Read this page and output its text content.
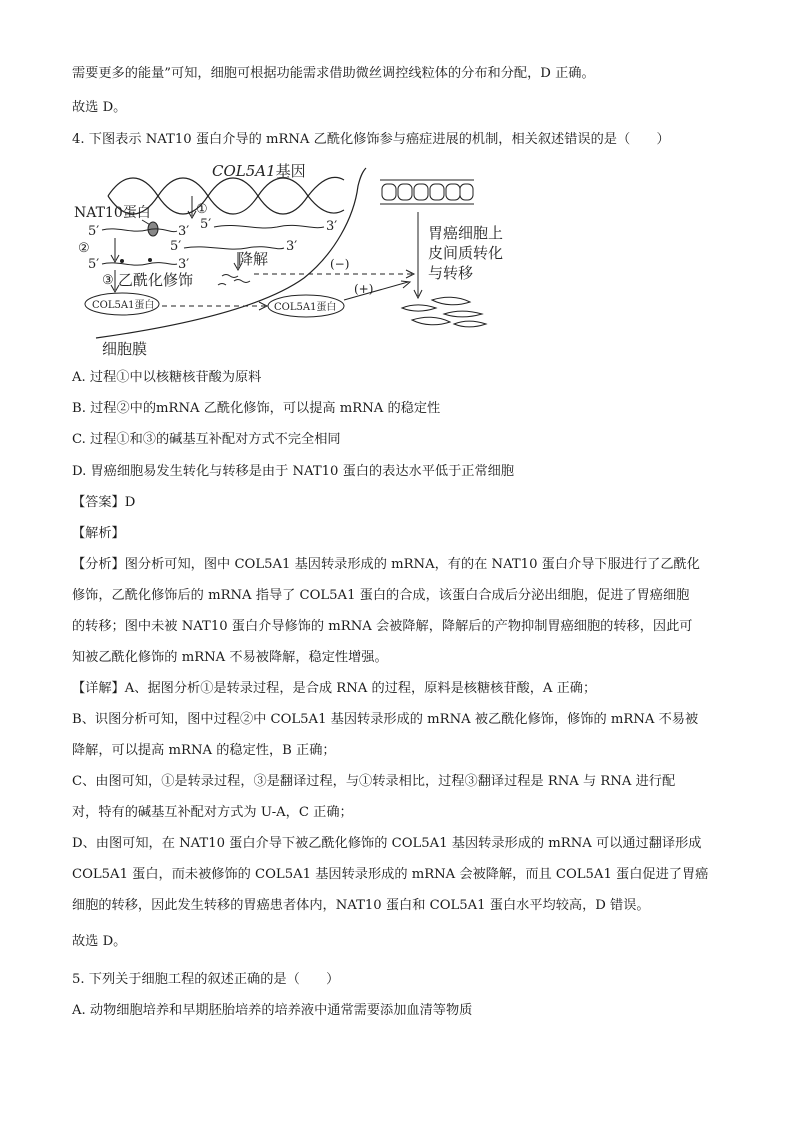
需要更多的能量”可知，细胞可根据功能需求借助微丝调控线粒体的分布和分配，D 正确。
故选 D。
4. 下图表示 NAT10 蛋白介导的 mRNA 乙酰化修饰参与癌症进展的机制，相关叙述错误的是（　　）
COL5A1基因
①
NAT10蛋白
5′	3′ 5′	3′
②
5′	3′
5′	3′
降解
③ 乙酰化修饰
(−)
COL5A1蛋白	COL5A1蛋白
(+)
细胞膜
胃癌细胞上
皮间质转化
与转移
A. 过程①中以核糖核苷酸为原料
B. 过程②中的mRNA 乙酰化修饰，可以提高 mRNA 的稳定性
C. 过程①和③的碱基互补配对方式不完全相同
D. 胃癌细胞易发生转化与转移是由于 NAT10 蛋白的表达水平低于正常细胞
【答案】D
【解析】
【分析】图分析可知，图中 COL5A1 基因转录形成的 mRNA，有的在 NAT10 蛋白介导下服进行了乙酰化
修饰，乙酰化修饰后的 mRNA 指导了 COL5A1 蛋白的合成，该蛋白合成后分泌出细胞，促进了胃癌细胞
的转移；图中未被 NAT10 蛋白介导修饰的 mRNA 会被降解，降解后的产物抑制胃癌细胞的转移，因此可
知被乙酰化修饰的 mRNA 不易被降解，稳定性增强。
【详解】A、据图分析①是转录过程，是合成 RNA 的过程，原料是核糖核苷酸，A 正确；
B、识图分析可知，图中过程②中 COL5A1 基因转录形成的 mRNA 被乙酰化修饰，修饰的 mRNA 不易被
降解，可以提高 mRNA 的稳定性，B 正确；
C、由图可知，①是转录过程，③是翻译过程，与①转录相比，过程③翻译过程是 RNA 与 RNA 进行配
对，特有的碱基互补配对方式为 U-A，C 正确；
D、由图可知，在 NAT10 蛋白介导下被乙酰化修饰的 COL5A1 基因转录形成的 mRNA 可以通过翻译形成
COL5A1 蛋白，而未被修饰的 COL5A1 基因转录形成的 mRNA 会被降解，而且 COL5A1 蛋白促进了胃癌
细胞的转移，因此发生转移的胃癌患者体内，NAT10 蛋白和 COL5A1 蛋白水平均较高，D 错误。
故选 D。
5. 下列关于细胞工程的叙述正确的是（　　）
A. 动物细胞培养和早期胚胎培养的培养液中通常需要添加血清等物质
